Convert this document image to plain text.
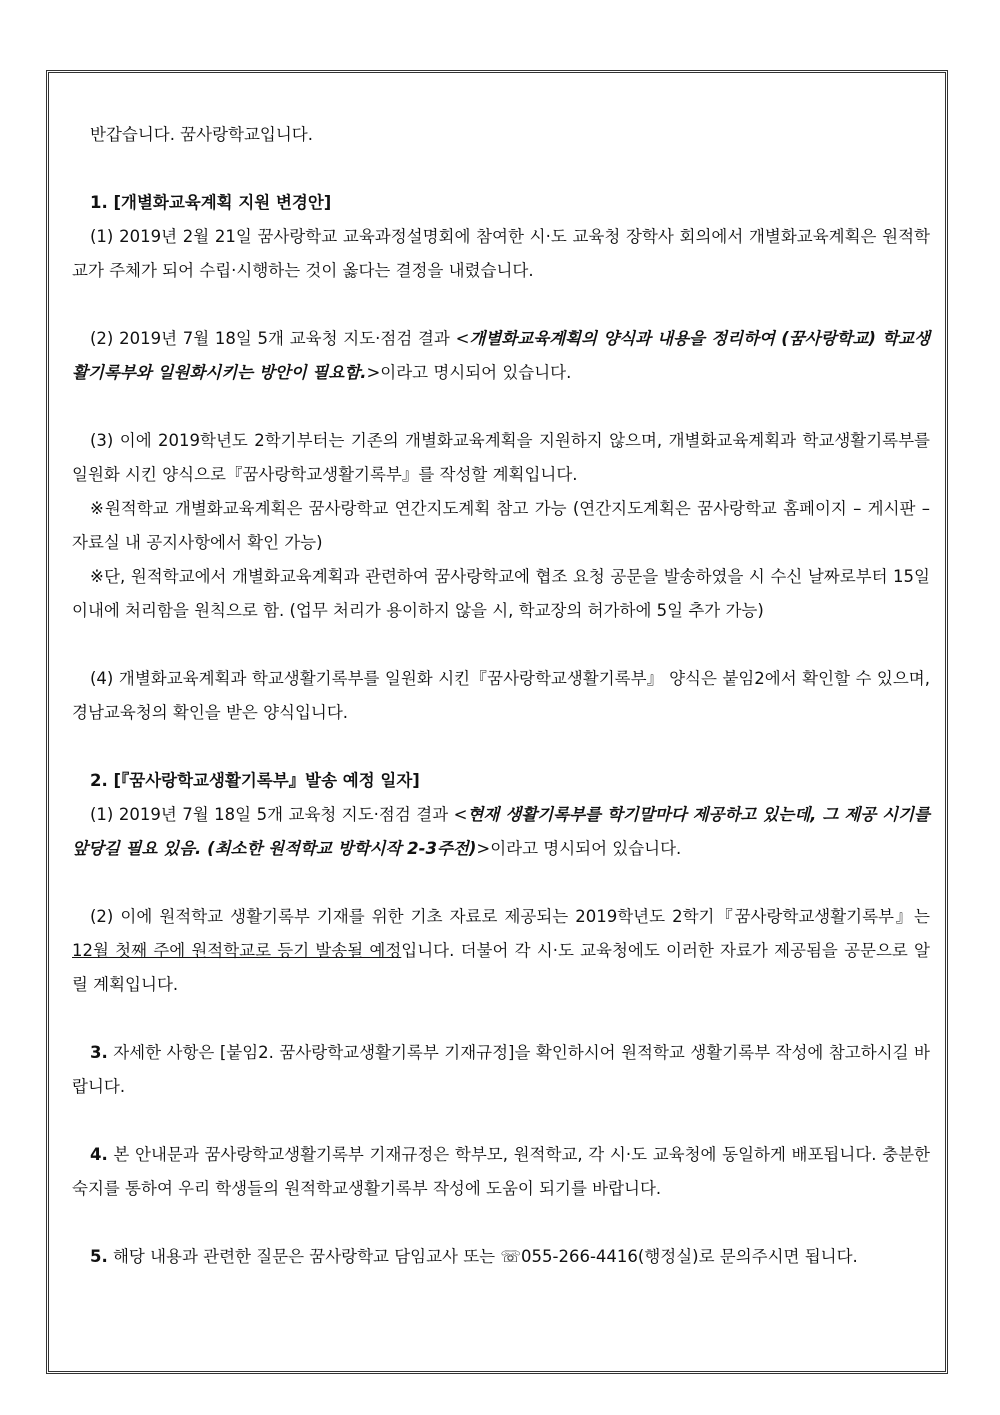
반갑습니다. 꿈사랑학교입니다.

1. [개별화교육계획 지원 변경안]

(1) 2019년 2월 21일 꿈사랑학교 교육과정설명회에 참여한 시·도 교육청 장학사 회의에서 개별화교육계획은 원적학교가 주체가 되어 수립·시행하는 것이 옳다는 결정을 내렸습니다.

(2) 2019년 7월 18일 5개 교육청 지도·점검 결과 <개별화교육계획의 양식과 내용을 정리하여 (꿈사랑학교) 학교생활기록부와 일원화시키는 방안이 필요함.>이라고 명시되어 있습니다.

(3) 이에 2019학년도 2학기부터는 기존의 개별화교육계획을 지원하지 않으며, 개별화교육계획과 학교생활기록부를 일원화 시킨 양식으로『꿈사랑학교생활기록부』를 작성할 계획입니다.

※원적학교 개별화교육계획은 꿈사랑학교 연간지도계획 참고 가능 (연간지도계획은 꿈사랑학교 홈페이지 – 게시판 – 자료실 내 공지사항에서 확인 가능)

※단, 원적학교에서 개별화교육계획과 관련하여 꿈사랑학교에 협조 요청 공문을 발송하였을 시 수신 날짜로부터 15일 이내에 처리함을 원칙으로 함. (업무 처리가 용이하지 않을 시, 학교장의 허가하에 5일 추가 가능)

(4) 개별화교육계획과 학교생활기록부를 일원화 시킨『꿈사랑학교생활기록부』 양식은 붙임2에서 확인할 수 있으며, 경남교육청의 확인을 받은 양식입니다.

2. [『꿈사랑학교생활기록부』발송 예정 일자]

(1) 2019년 7월 18일 5개 교육청 지도·점검 결과 <현재 생활기록부를 학기말마다 제공하고 있는데, 그 제공 시기를 앞당길 필요 있음. (최소한 원적학교 방학시작 2-3주전)>이라고 명시되어 있습니다.

(2) 이에 원적학교 생활기록부 기재를 위한 기초 자료로 제공되는 2019학년도 2학기『꿈사랑학교생활기록부』는 12월 첫째 주에 원적학교로 등기 발송될 예정입니다. 더불어 각 시·도 교육청에도 이러한 자료가 제공됨을 공문으로 알릴 계획입니다.

3. 자세한 사항은 [붙임2. 꿈사랑학교생활기록부 기재규정]을 확인하시어 원적학교 생활기록부 작성에 참고하시길 바랍니다.

4. 본 안내문과 꿈사랑학교생활기록부 기재규정은 학부모, 원적학교, 각 시·도 교육청에 동일하게 배포됩니다. 충분한 숙지를 통하여 우리 학생들의 원적학교생활기록부 작성에 도움이 되기를 바랍니다.

5. 해당 내용과 관련한 질문은 꿈사랑학교 담임교사 또는 ☏055-266-4416(행정실)로 문의주시면 됩니다.
